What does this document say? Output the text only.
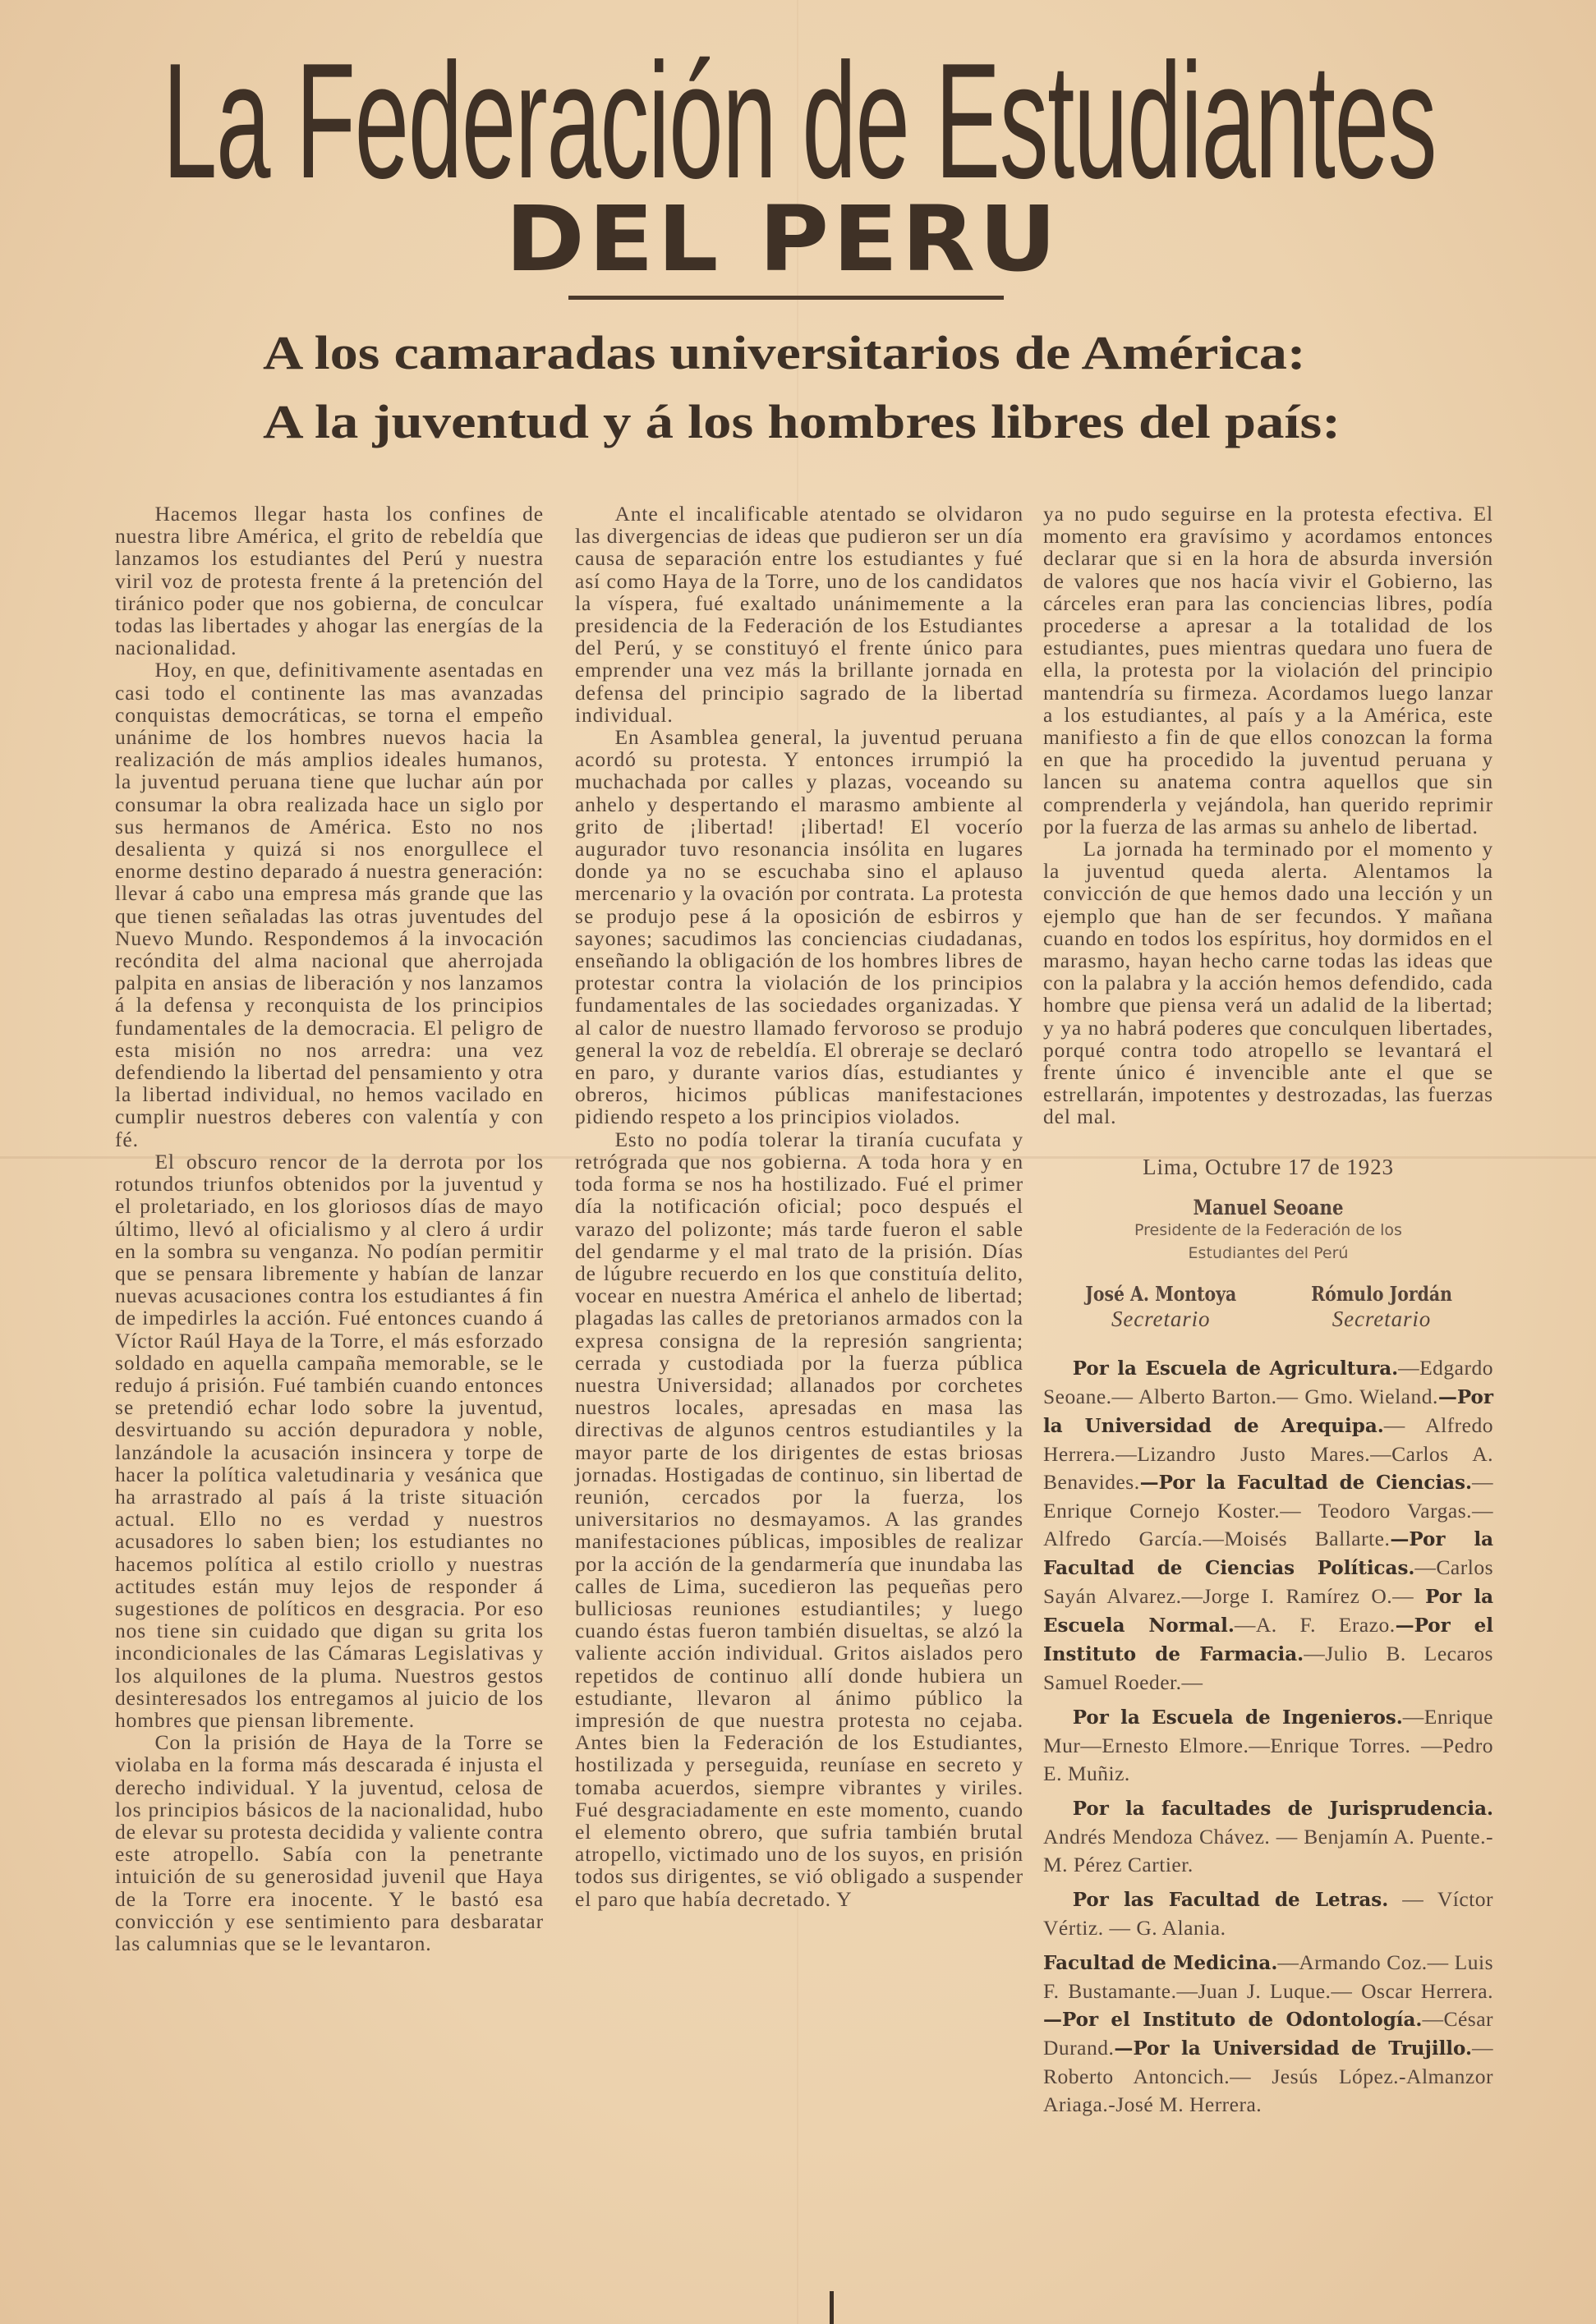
La Federación de Estudiantes
DEL PERU
A los camaradas universitarios de América:
A la juventud y á los hombres libres del país:

Hacemos llegar hasta los confines de nuestra libre América, el grito de rebeldía que lanzamos los estudiantes del Perú y nuestra viril voz de protesta frente á la pretención del tiránico poder que nos gobierna, de conculcar todas las libertades y ahogar las energías de la nacionalidad.

Hoy, en que, definitivamente asentadas en casi todo el continente las mas avanzadas conquistas democráticas, se torna el empeño unánime de los hombres nuevos hacia la realización de más amplios ideales humanos, la juventud peruana tiene que luchar aún por consumar la obra realizada hace un siglo por sus hermanos de América. Esto no nos desalienta y quizá si nos enorgullece el enorme destino deparado á nuestra generación: llevar á cabo una empresa más grande que las que tienen señaladas las otras juventudes del Nuevo Mundo. Respondemos á la invocación recóndita del alma nacional que aherrojada palpita en ansias de liberación y nos lanzamos á la defensa y reconquista de los principios fundamentales de la democracia. El peligro de esta misión no nos arredra: una vez defendiendo la libertad del pensamiento y otra la libertad individual, no hemos vacilado en cumplir nuestros deberes con valentía y con fé.

El obscuro rencor de la derrota por los rotundos triunfos obtenidos por la juventud y el proletariado, en los gloriosos días de mayo último, llevó al oficialismo y al clero á urdir en la sombra su venganza. No podían permitir que se pensara libremente y habían de lanzar nuevas acusaciones contra los estudiantes á fin de impedirles la acción. Fué entonces cuando á Víctor Raúl Haya de la Torre, el más esforzado soldado en aquella campaña memorable, se le redujo á prisión. Fué también cuando entonces se pretendió echar lodo sobre la juventud, desvirtuando su acción depuradora y noble, lanzándole la acusación insincera y torpe de hacer la política valetudinaria y vesánica que ha arrastrado al país á la triste situación actual. Ello no es verdad y nuestros acusadores lo saben bien; los estudiantes no hacemos política al estilo criollo y nuestras actitudes están muy lejos de responder á sugestiones de políticos en desgracia. Por eso nos tiene sin cuidado que digan su grita los incondicionales de las Cámaras Legislativas y los alquilones de la pluma. Nuestros gestos desinteresados los entregamos al juicio de los hombres que piensan libremente.

Con la prisión de Haya de la Torre se violaba en la forma más descarada é injusta el derecho individual. Y la juventud, celosa de los principios básicos de la nacionalidad, hubo de elevar su protesta decidida y valiente contra este atropello. Sabía con la penetrante intuición de su generosidad juvenil que Haya de la Torre era inocente. Y le bastó esa convicción y ese sentimiento para desbaratar las calumnias que se le levantaron.

Ante el incalificable atentado se olvidaron las divergencias de ideas que pudieron ser un día causa de separación entre los estudiantes y fué así como Haya de la Torre, uno de los candidatos la víspera, fué exaltado unánimemente a la presidencia de la Federación de los Estudiantes del Perú, y se constituyó el frente único para emprender una vez más la brillante jornada en defensa del principio sagrado de la libertad individual.

En Asamblea general, la juventud peruana acordó su protesta. Y entonces irrumpió la muchachada por calles y plazas, voceando su anhelo y despertando el marasmo ambiente al grito de ¡libertad! ¡libertad! El vocerío augurador tuvo resonancia insólita en lugares donde ya no se escuchaba sino el aplauso mercenario y la ovación por contrata. La protesta se produjo pese á la oposición de esbirros y sayones; sacudimos las conciencias ciudadanas, enseñando la obligación de los hombres libres de protestar contra la violación de los principios fundamentales de las sociedades organizadas. Y al calor de nuestro llamado fervoroso se produjo general la voz de rebeldía. El obreraje se declaró en paro, y durante varios días, estudiantes y obreros, hicimos públicas manifestaciones pidiendo respeto a los principios violados.

Esto no podía tolerar la tiranía cucufata y retrógrada que nos gobierna. A toda hora y en toda forma se nos ha hostilizado. Fué el primer día la notificación oficial; poco después el varazo del polizonte; más tarde fueron el sable del gendarme y el mal trato de la prisión. Días de lúgubre recuerdo en los que constituía delito, vocear en nuestra América el anhelo de libertad; plagadas las calles de pretorianos armados con la expresa consigna de la represión sangrienta; cerrada y custodiada por la fuerza pública nuestra Universidad; allanados por corchetes nuestros locales, apresadas en masa las directivas de algunos centros estudiantiles y la mayor parte de los dirigentes de estas briosas jornadas. Hostigadas de continuo, sin libertad de reunión, cercados por la fuerza, los universitarios no desmayamos. A las grandes manifestaciones públicas, imposibles de realizar por la acción de la gendarmería que inundaba las calles de Lima, sucedieron las pequeñas pero bulliciosas reuniones estudiantiles; y luego cuando éstas fueron también disueltas, se alzó la valiente acción individual. Gritos aislados pero repetidos de continuo allí donde hubiera un estudiante, llevaron al ánimo público la impresión de que nuestra protesta no cejaba. Antes bien la Federación de los Estudiantes, hostilizada y perseguida, reuníase en secreto y tomaba acuerdos, siempre vibrantes y viriles. Fué desgraciadamente en este momento, cuando el elemento obrero, que sufria también brutal atropello, victimado uno de los suyos, en prisión todos sus dirigentes, se vió obligado a suspender el paro que había decretado. Y

ya no pudo seguirse en la protesta efectiva. El momento era gravísimo y acordamos entonces declarar que si en la hora de absurda inversión de valores que nos hacía vivir el Gobierno, las cárceles eran para las conciencias libres, podía procederse a apresar a la totalidad de los estudiantes, pues mientras quedara uno fuera de ella, la protesta por la violación del principio mantendría su firmeza. Acordamos luego lanzar a los estudiantes, al país y a la América, este manifiesto a fin de que ellos conozcan la forma en que ha procedido la juventud peruana y lancen su anatema contra aquellos que sin comprenderla y vejándola, han querido reprimir por la fuerza de las armas su anhelo de libertad.

La jornada ha terminado por el momento y la juventud queda alerta. Alentamos la convicción de que hemos dado una lección y un ejemplo que han de ser fecundos. Y mañana cuando en todos los espíritus, hoy dormidos en el marasmo, hayan hecho carne todas las ideas que con la palabra y la acción hemos defendido, cada hombre que piensa verá un adalid de la libertad; y ya no habrá poderes que conculquen libertades, porqué contra todo atropello se levantará el frente único é invencible ante el que se estrellarán, impotentes y destrozadas, las fuerzas del mal.

Lima, Octubre 17 de 1923

Manuel Seoane
Presidente de la Federación de los
Estudiantes del Perú
José A. Montoya
Secretario
Rómulo Jordán
Secretario

Por la Escuela de Agricultura.—Edgardo Seoane.— Alberto Barton.— Gmo. Wieland.—Por la Universidad de Arequipa.— Alfredo Herrera.—Lizandro Justo Mares.—Carlos A. Benavides.—Por la Facultad de Ciencias.— Enrique Cornejo Koster.— Teodoro Vargas.— Alfredo García.—Moisés Ballarte.—Por la Facultad de Ciencias Políticas.—Carlos Sayán Alvarez.—Jorge I. Ramírez O.— Por la Escuela Normal.—A. F. Erazo.—Por el Instituto de Farmacia.—Julio B. Lecaros Samuel Roeder.—

Por la Escuela de Ingenieros.—Enrique Mur—Ernesto Elmore.—Enrique Torres. —Pedro E. Muñiz.

Por la facultades de Jurisprudencia. Andrés Mendoza Chávez. — Benjamín A. Puente.-M. Pérez Cartier.

Por las Facultad de Letras. — Víctor Vértiz. — G. Alania.

Facultad de Medicina.—Armando Coz.— Luis F. Bustamante.—Juan J. Luque.— Oscar Herrera.—Por el Instituto de Odontología.—César Durand.—Por la Universidad de Trujillo.—Roberto Antoncich.— Jesús López.-Almanzor Ariaga.-José M. Herrera.
